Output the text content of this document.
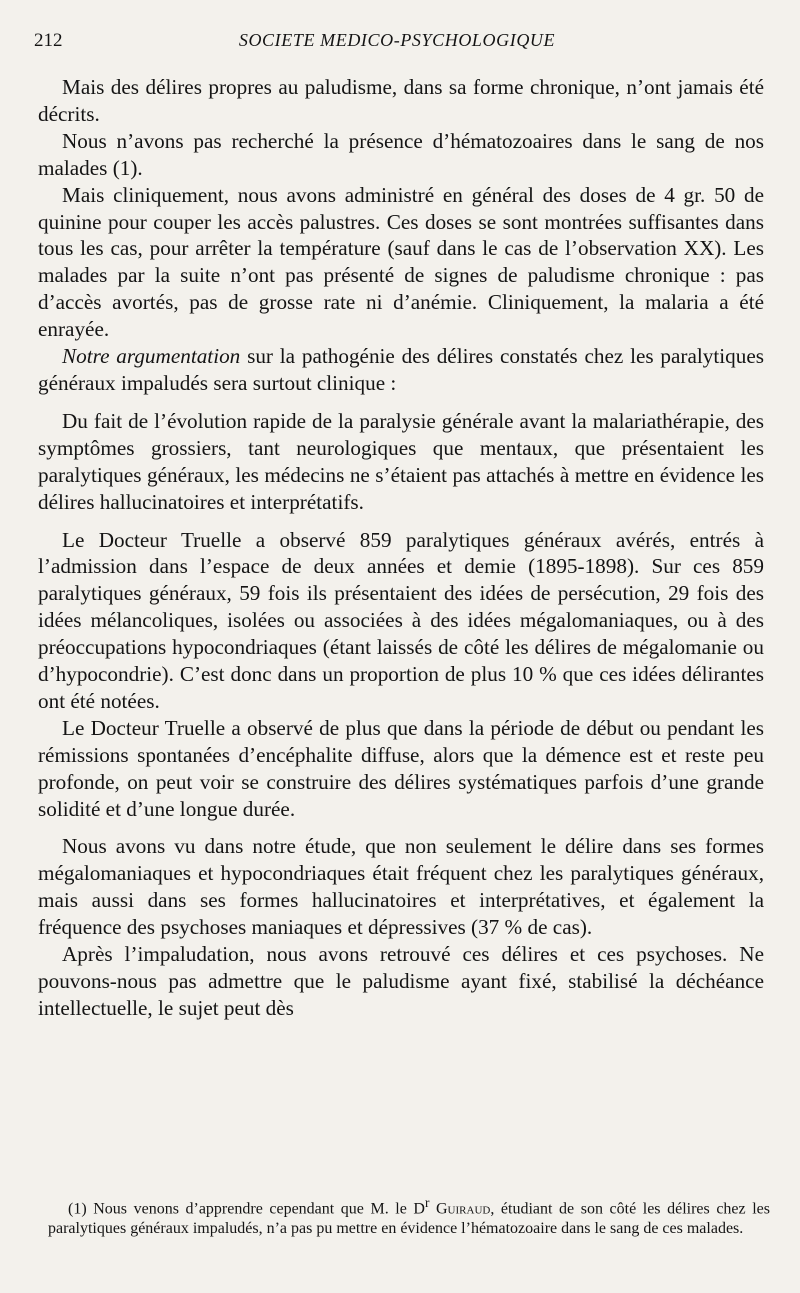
212	SOCIETE MEDICO-PSYCHOLOGIQUE

Mais des délires propres au paludisme, dans sa forme chronique, n’ont jamais été décrits.

Nous n’avons pas recherché la présence d’hématozoaires dans le sang de nos malades (1).

Mais cliniquement, nous avons administré en général des doses de 4 gr. 50 de quinine pour couper les accès palustres. Ces doses se sont montrées suffisantes dans tous les cas, pour arrêter la température (sauf dans le cas de l’observation XX). Les malades par la suite n’ont pas présenté de signes de paludisme chronique : pas d’accès avortés, pas de grosse rate ni d’anémie. Cliniquement, la malaria a été enrayée.

Notre argumentation sur la pathogénie des délires constatés chez les paralytiques généraux impaludés sera surtout clinique :

Du fait de l’évolution rapide de la paralysie générale avant la malariathérapie, des symptômes grossiers, tant neurologiques que mentaux, que présentaient les paralytiques généraux, les médecins ne s’étaient pas attachés à mettre en évidence les délires hallucinatoires et interprétatifs.

Le Docteur Truelle a observé 859 paralytiques généraux avérés, entrés à l’admission dans l’espace de deux années et demie (1895-1898). Sur ces 859 paralytiques généraux, 59 fois ils présentaient des idées de persécution, 29 fois des idées mélancoliques, isolées ou associées à des idées mégalomaniaques, ou à des préoccupations hypocondriaques (étant laissés de côté les délires de mégalomanie ou d’hypocondrie). C’est donc dans un proportion de plus 10 % que ces idées délirantes ont été notées.

Le Docteur Truelle a observé de plus que dans la période de début ou pendant les rémissions spontanées d’encéphalite diffuse, alors que la démence est et reste peu profonde, on peut voir se construire des délires systématiques parfois d’une grande solidité et d’une longue durée.

Nous avons vu dans notre étude, que non seulement le délire dans ses formes mégalomaniaques et hypocondriaques était fréquent chez les paralytiques généraux, mais aussi dans ses formes hallucinatoires et interprétatives, et également la fréquence des psychoses maniaques et dépressives (37 % de cas).

Après l’impaludation, nous avons retrouvé ces délires et ces psychoses. Ne pouvons-nous pas admettre que le paludisme ayant fixé, stabilisé la déchéance intellectuelle, le sujet peut dès

(1) Nous venons d’apprendre cependant que M. le $D^r$ Guiraud, étudiant de son côté les délires chez les paralytiques généraux impaludés, n’a pas pu mettre en évidence l’hématozoaire dans le sang de ces malades.
